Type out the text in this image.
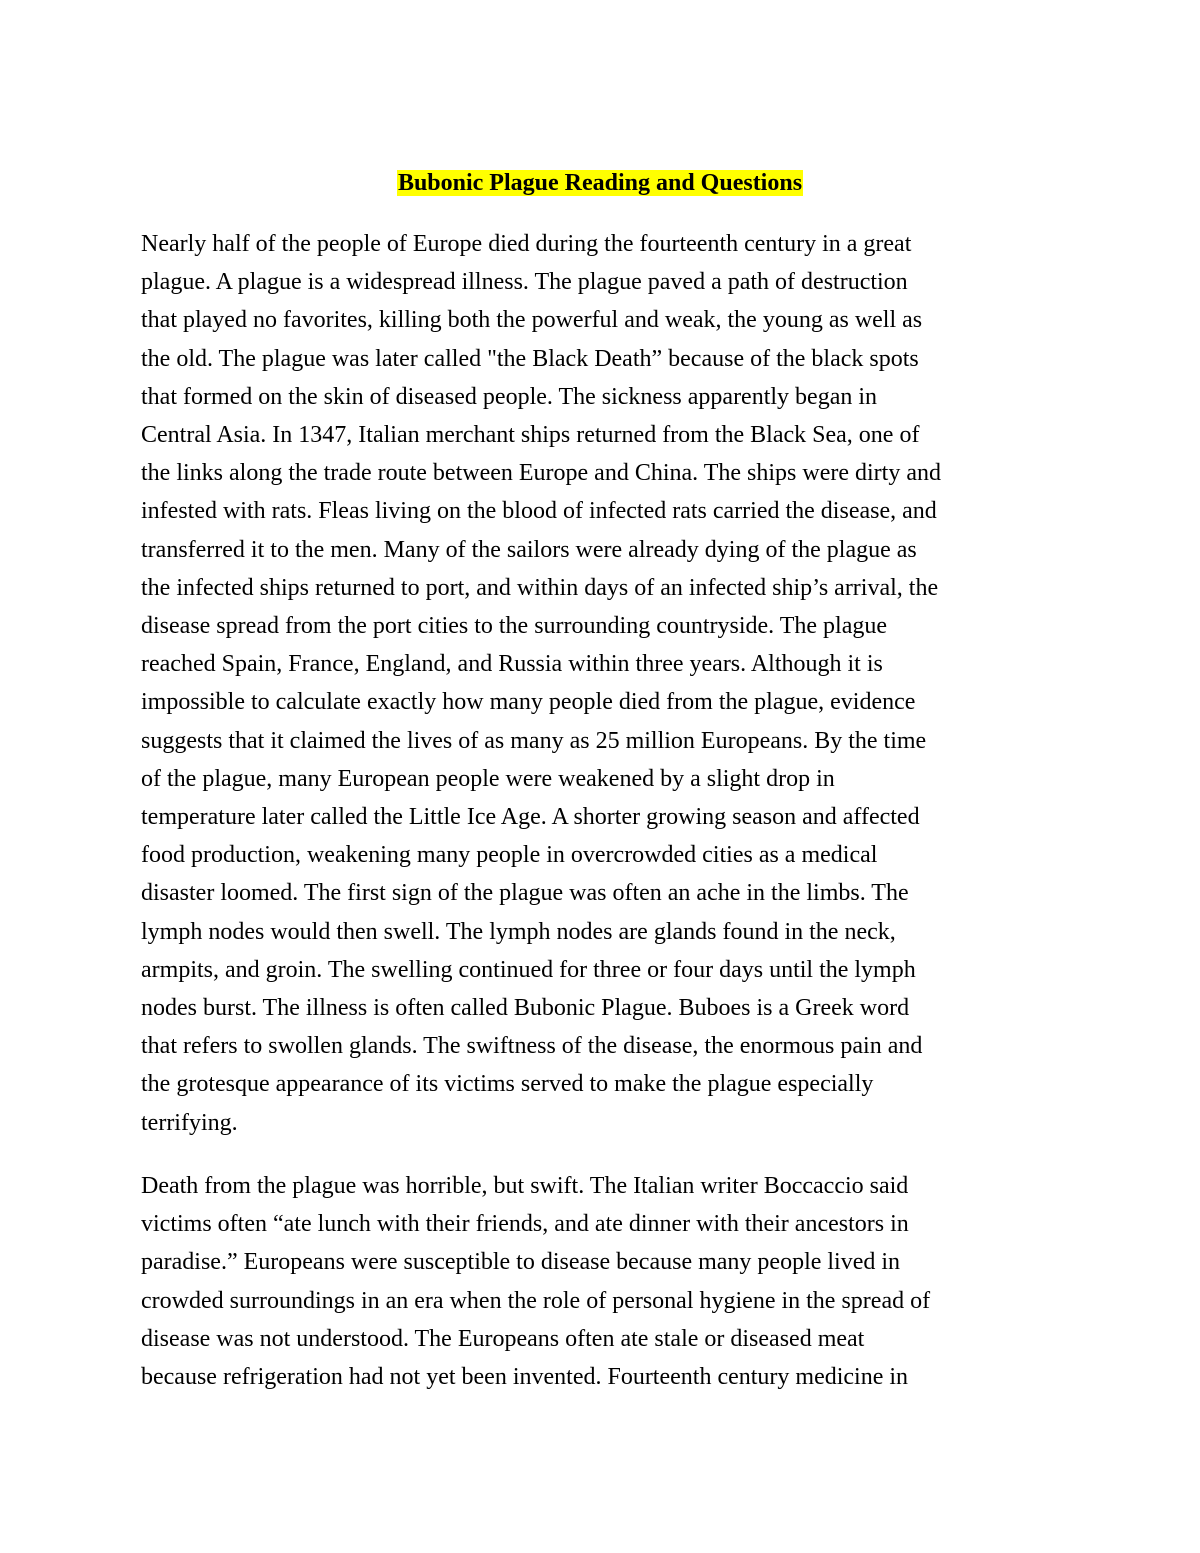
Bubonic Plague Reading and Questions
Nearly half of the people of Europe died during the fourteenth century in a great
plague. A plague is a widespread illness. The plague paved a path of destruction
that played no favorites, killing both the powerful and weak, the young as well as
the old. The plague was later called "the Black Death” because of the black spots
that formed on the skin of diseased people. The sickness apparently began in
Central Asia. In 1347, Italian merchant ships returned from the Black Sea, one of
the links along the trade route between Europe and China. The ships were dirty and
infested with rats. Fleas living on the blood of infected rats carried the disease, and
transferred it to the men. Many of the sailors were already dying of the plague as
the infected ships returned to port, and within days of an infected ship’s arrival, the
disease spread from the port cities to the surrounding countryside. The plague
reached Spain, France, England, and Russia within three years. Although it is
impossible to calculate exactly how many people died from the plague, evidence
suggests that it claimed the lives of as many as 25 million Europeans. By the time
of the plague, many European people were weakened by a slight drop in
temperature later called the Little Ice Age. A shorter growing season and affected
food production, weakening many people in overcrowded cities as a medical
disaster loomed. The first sign of the plague was often an ache in the limbs. The
lymph nodes would then swell. The lymph nodes are glands found in the neck,
armpits, and groin. The swelling continued for three or four days until the lymph
nodes burst. The illness is often called Bubonic Plague. Buboes is a Greek word
that refers to swollen glands. The swiftness of the disease, the enormous pain and
the grotesque appearance of its victims served to make the plague especially
terrifying.
Death from the plague was horrible, but swift. The Italian writer Boccaccio said
victims often “ate lunch with their friends, and ate dinner with their ancestors in
paradise.” Europeans were susceptible to disease because many people lived in
crowded surroundings in an era when the role of personal hygiene in the spread of
disease was not understood. The Europeans often ate stale or diseased meat
because refrigeration had not yet been invented. Fourteenth century medicine in
